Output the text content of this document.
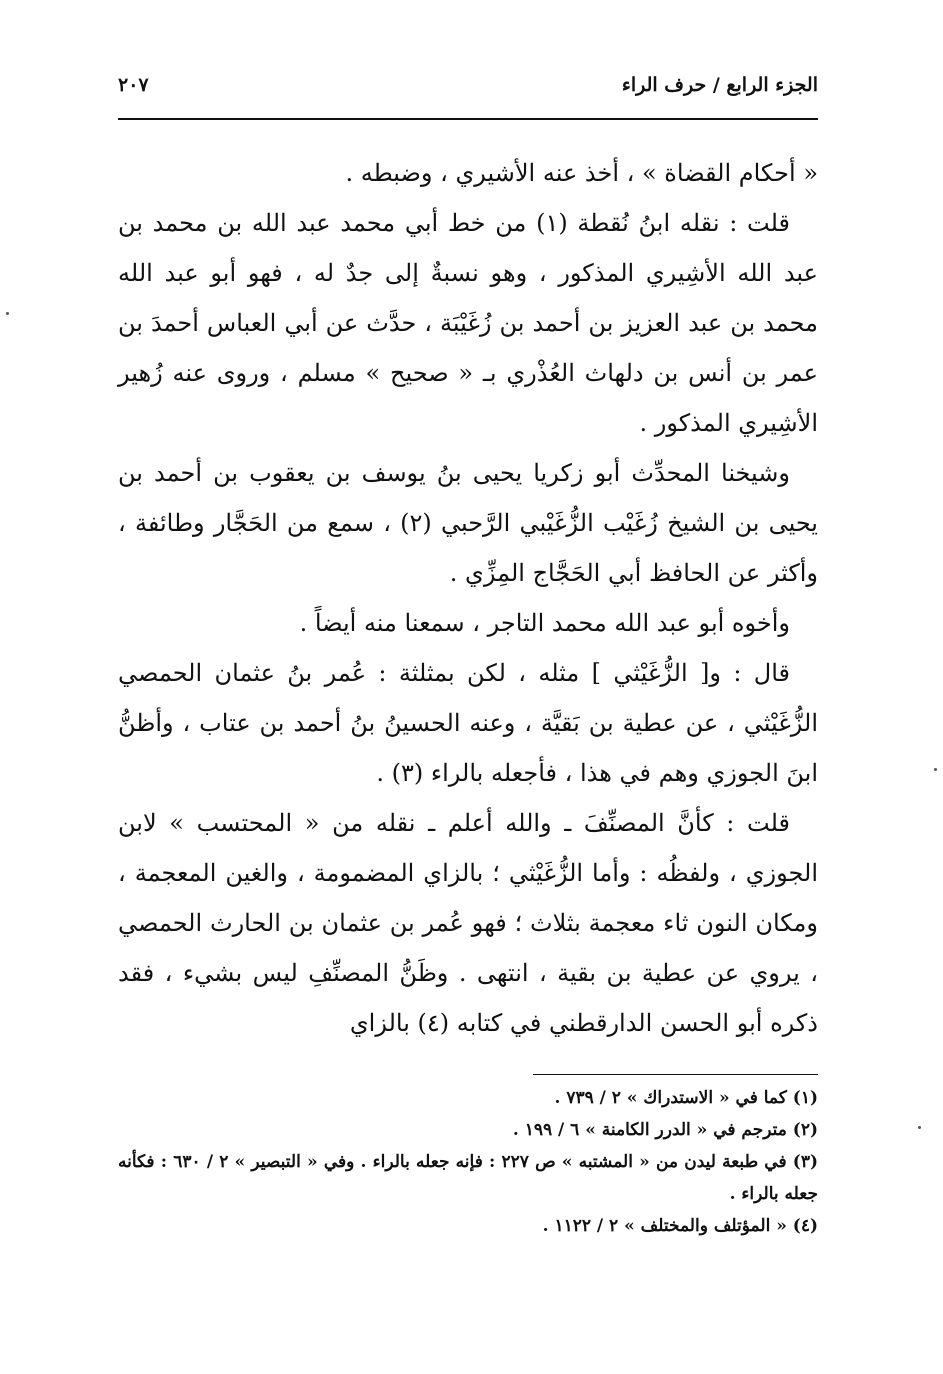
الجزء الرابع / حرف الراء
٢٠٧

« أحكام القضاة » ، أخذ عنه الأشيري ، وضبطه .

قلت : نقله ابنُ نُقطة (١) من خط أبي محمد عبد الله بن محمد بن عبد الله الأشِيري المذكور ، وهو نسبةٌ إلى جدٌ له ، فهو أبو عبد الله محمد بن عبد العزيز بن أحمد بن زُغَيْبَة ، حدَّث عن أبي العباس أحمدَ بن عمر بن أنس بن دلهاث العُذْري بـ « صحيح » مسلم ، وروى عنه زُهير الأشِيري المذكور .

وشيخنا المحدِّث أبو زكريا يحيى بنُ يوسف بن يعقوب بن أحمد بن يحيى بن الشيخ زُغَيْب الزُّغَيْبي الرَّحبي (٢) ، سمع من الحَجَّار وطائفة ، وأكثر عن الحافظ أبي الحَجَّاج المِزِّي .

وأخوه أبو عبد الله محمد التاجر ، سمعنا منه أيضاً .

قال : و[ الزُّغَيْثي ] مثله ، لكن بمثلثة : عُمر بنُ عثمان الحمصي الزُّغَيْثي ، عن عطية بن بَقيَّة ، وعنه الحسينُ بنُ أحمد بن عتاب ، وأظنُّ ابنَ الجوزي وهم في هذا ، فأجعله بالراء (٣) .

قلت : كأنَّ المصنِّفَ ـ والله أعلم ـ نقله من « المحتسب » لابن الجوزي ، ولفظُه : وأما الزُّغَيْثي ؛ بالزاي المضمومة ، والغين المعجمة ، ومكان النون ثاء معجمة بثلاث ؛ فهو عُمر بن عثمان بن الحارث الحمصي ، يروي عن عطية بن بقية ، انتهى . وظَنُّ المصنِّفِ ليس بشيء ، فقد ذكره أبو الحسن الدارقطني في كتابه (٤) بالزاي

(١) كما في « الاستدراك » ٢ / ٧٣٩ .

(٢) مترجم في « الدرر الكامنة » ٦ / ١٩٩ .

(٣) في طبعة ليدن من « المشتبه » ص ٢٢٧ : فإنه جعله بالراء . وفي « التبصير » ٢ / ٦٣٠ : فكأنه جعله بالراء .

(٤) « المؤتلف والمختلف » ٢ / ١١٢٢ .
